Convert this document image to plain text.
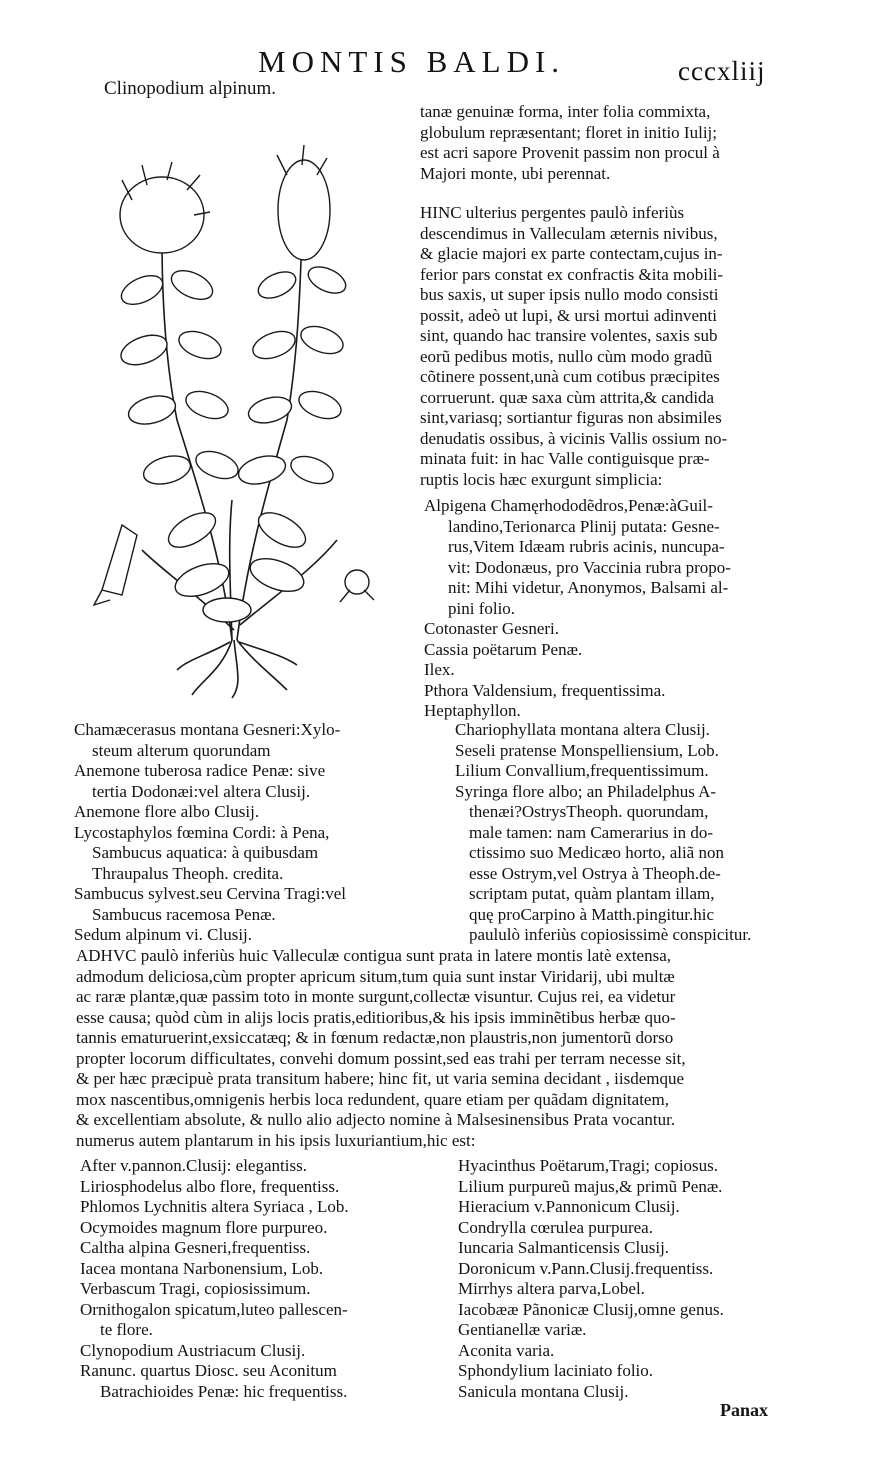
MONTIS BALDI.	cccxliij
Clinopodium alpinum.
tanæ genuinæ forma, inter folia commixta,
globulum repræsentant; floret in initio Iulij;
est acri sapore Provenit passim non procul à
Majori monte, ubi perennat.
HINC ulterius pergentes paulò inferiùs
descendimus in Valleculam æternis nivibus,
& glacie majori ex parte contectam,cujus in-
ferior pars constat ex confractis &ita mobili-
bus saxis, ut super ipsis nullo modo consisti
possit, adeò ut lupi, & ursi mortui adinventi
sint, quando hac transire volentes, saxis sub
eorũ pedibus motis, nullo cùm modo gradũ
cõtinere possent,unà cum cotibus præcipites
corruerunt. quæ saxa cùm attrita,& candida
sint,variasq; sortiantur figuras non absimiles
denudatis ossibus, à vicinis Vallis ossium no-
minata fuit: in hac Valle contiguisque præ-
ruptis locis hæc exurgunt simplicia:
Alpigena Chamęrhododẽdros,Penæ:àGuil-
landino,Terionarca Plinij putata: Gesne-
rus,Vitem Idæam rubris acinis, nuncupa-
vit: Dodonæus, pro Vaccinia rubra propo-
nit: Mihi videtur, Anonymos, Balsami al-
pini folio.
Cotonaster Gesneri.
Cassia poëtarum Penæ.
Ilex.
Pthora Valdensium, frequentissima.
Heptaphyllon.
Chamæcerasus montana Gesneri:Xylo-
steum alterum quorundam
Anemone tuberosa radice Penæ: sive
tertia Dodonæi:vel altera Clusij.
Anemone flore albo Clusij.
Lycostaphylos fœmina Cordi: à Pena,
Sambucus aquatica: à quibusdam
Thraupalus Theoph. credita.
Sambucus sylvest.seu Cervina Tragi:vel
Sambucus racemosa Penæ.
Sedum alpinum vi. Clusij.
Chariophyllata montana altera Clusij.
Seseli pratense Monspelliensium, Lob.
Lilium Convallium,frequentissimum.
Syringa flore albo; an Philadelphus A-
thenæi?OstrysTheoph. quorundam,
male tamen: nam Camerarius in do-
ctissimo suo Medicæo horto, aliã non
esse Ostrym,vel Ostrya à Theoph.de-
scriptam putat, quàm plantam illam,
quę proCarpino à Matth.pingitur.hic
paululò inferiùs copiosissimè conspicitur.
ADHVC paulò inferiùs huic Valleculæ contigua sunt prata in latere montis latè extensa,
admodum deliciosa,cùm propter apricum situm,tum quia sunt instar Viridarij, ubi multæ
ac raræ plantæ,quæ passim toto in monte surgunt,collectæ visuntur. Cujus rei, ea videtur
esse causa; quòd cùm in alijs locis pratis,editioribus,& his ipsis imminẽtibus herbæ quo-
tannis ematuruerint,exsiccatæq; & in fœnum redactæ,non plaustris,non jumentorũ dorso
propter locorum difficultates, convehi domum possint,sed eas trahi per terram necesse sit,
& per hæc præcipuè prata transitum habere; hinc fit, ut varia semina decidant , iisdemque
mox nascentibus,omnigenis herbis loca redundent, quare etiam per quãdam dignitatem,
& excellentiam absolute, & nullo alio adjecto nomine à Malsesinensibus Prata vocantur.
numerus autem plantarum in his ipsis luxuriantium,hic est:
After v.pannon.Clusij: elegantiss.
Liriosphodelus albo flore, frequentiss.
Phlomos Lychnitis altera Syriaca , Lob.
Ocymoides magnum flore purpureo.
Caltha alpina Gesneri,frequentiss.
Iacea montana Narbonensium, Lob.
Verbascum Tragi, copiosissimum.
Ornithogalon spicatum,luteo pallescen-
te flore.
Clynopodium Austriacum Clusij.
Ranunc. quartus Diosc. seu Aconitum
Batrachioides Penæ: hic frequentiss.
Hyacinthus Poëtarum,Tragi; copiosus.
Lilium purpureũ majus,& primũ Penæ.
Hieracium v.Pannonicum Clusij.
Condrylla cœrulea purpurea.
Iuncaria Salmanticensis Clusij.
Doronicum v.Pann.Clusij.frequentiss.
Mirrhys altera parva,Lobel.
Iacobææ Pãnonicæ Clusij,omne genus.
Gentianellæ variæ.
Aconita varia.
Sphondylium laciniato folio.
Sanicula montana Clusij.
Panax
